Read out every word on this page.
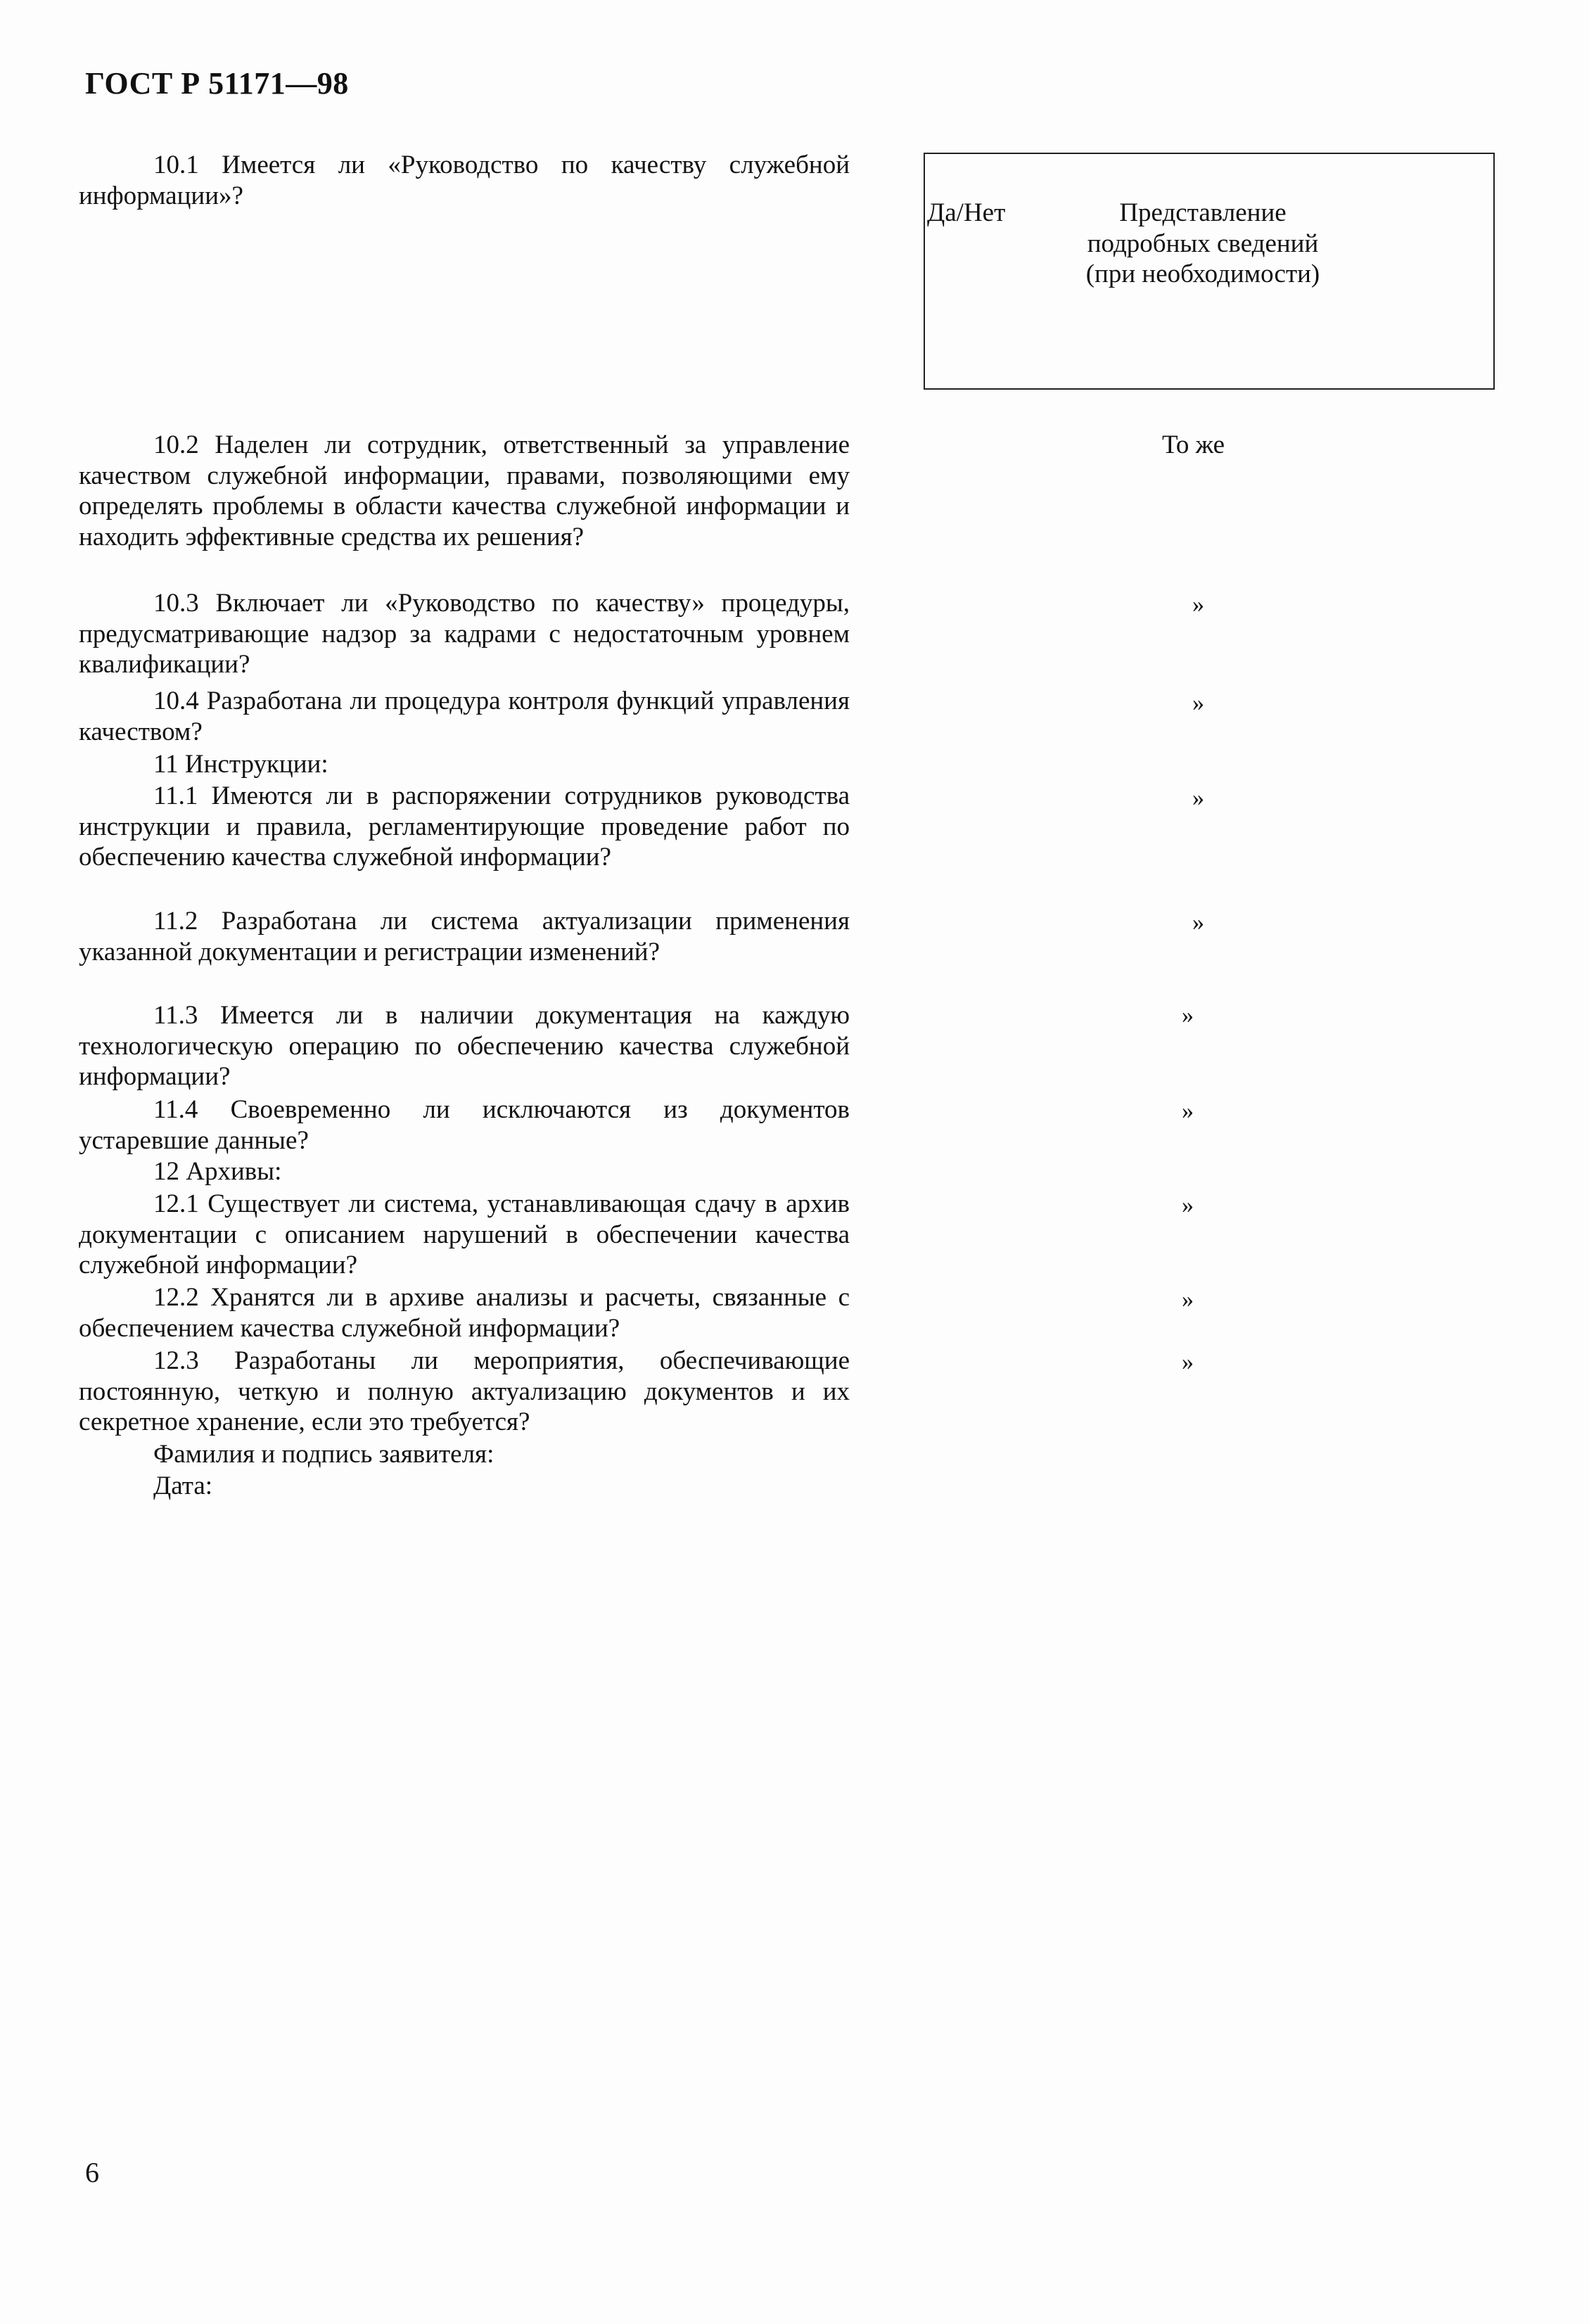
ГОСТ Р 51171—98

10.1 Имеется ли «Руководство по качеству служебной информации»?

Да/Нет	Представление
подробных сведений
(при необходимости)

10.2 Наделен ли сотрудник, ответственный за управление качеством служебной информации, правами, позволяющими ему определять проблемы в области качества служебной информации и находить эффективные средства их решения?

То же

10.3 Включает ли «Руководство по качеству» процедуры, предусматривающие надзор за кадрами с недостаточным уровнем квалификации?

»

10.4 Разработана ли процедура контроля функций управления качеством?

»

11 Инструкции:

11.1 Имеются ли в распоряжении сотрудников руководства инструкции и правила, регламентирующие проведение работ по обеспечению качества служебной информации?

»

11.2 Разработана ли система актуализации применения указанной документации и регистрации изменений?

»

11.3 Имеется ли в наличии документация на каждую технологическую операцию по обеспечению качества служебной информации?

»

11.4 Своевременно ли исключаются из документов устаревшие данные?

»

12 Архивы:

12.1 Существует ли система, устанавливающая сдачу в архив документации с описанием нарушений в обеспечении качества служебной информации?

»

12.2 Хранятся ли в архиве анализы и расчеты, связанные с обеспечением качества служебной информации?

»

12.3 Разработаны ли мероприятия, обеспечивающие постоянную, четкую и полную актуализацию документов и их секретное хранение, если это требуется?

»
Фамилия и подпись заявителя:
Дата:
6
